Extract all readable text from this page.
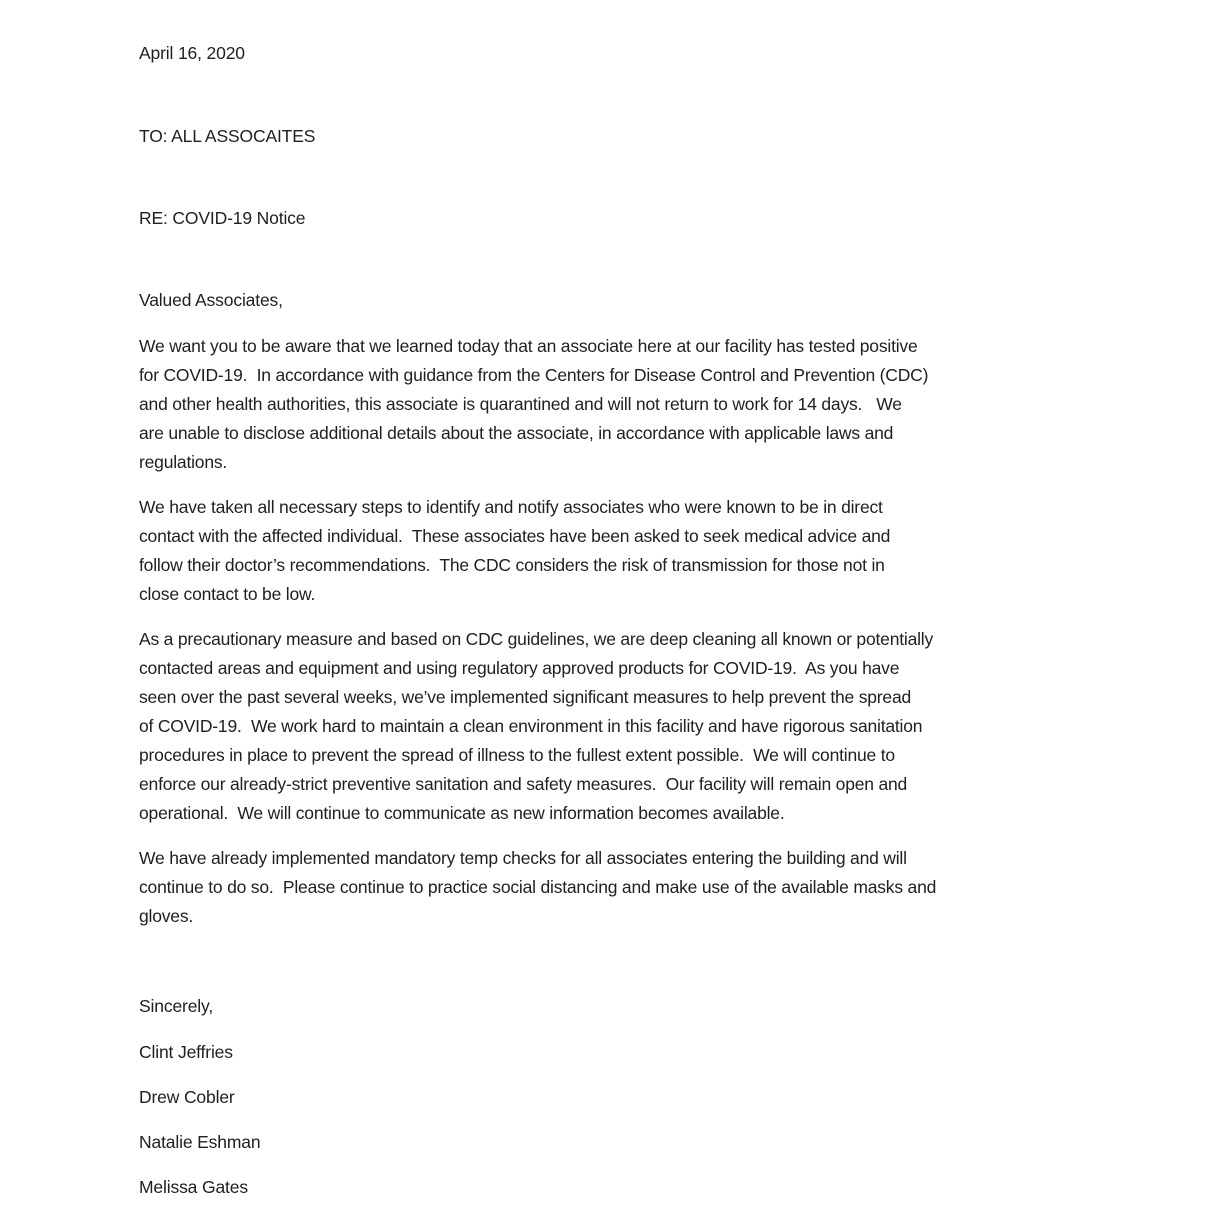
April 16, 2020
TO: ALL ASSOCAITES
RE: COVID-19 Notice
Valued Associates,
We want you to be aware that we learned today that an associate here at our facility has tested positive
for COVID-19.  In accordance with guidance from the Centers for Disease Control and Prevention (CDC)
and other health authorities, this associate is quarantined and will not return to work for 14 days.   We
are unable to disclose additional details about the associate, in accordance with applicable laws and
regulations.
We have taken all necessary steps to identify and notify associates who were known to be in direct
contact with the affected individual.  These associates have been asked to seek medical advice and
follow their doctor’s recommendations.  The CDC considers the risk of transmission for those not in
close contact to be low.
As a precautionary measure and based on CDC guidelines, we are deep cleaning all known or potentially
contacted areas and equipment and using regulatory approved products for COVID-19.  As you have
seen over the past several weeks, we’ve implemented significant measures to help prevent the spread
of COVID-19.  We work hard to maintain a clean environment in this facility and have rigorous sanitation
procedures in place to prevent the spread of illness to the fullest extent possible.  We will continue to
enforce our already-strict preventive sanitation and safety measures.  Our facility will remain open and
operational.  We will continue to communicate as new information becomes available.
We have already implemented mandatory temp checks for all associates entering the building and will
continue to do so.  Please continue to practice social distancing and make use of the available masks and
gloves.
Sincerely,
Clint Jeffries
Drew Cobler
Natalie Eshman
Melissa Gates
